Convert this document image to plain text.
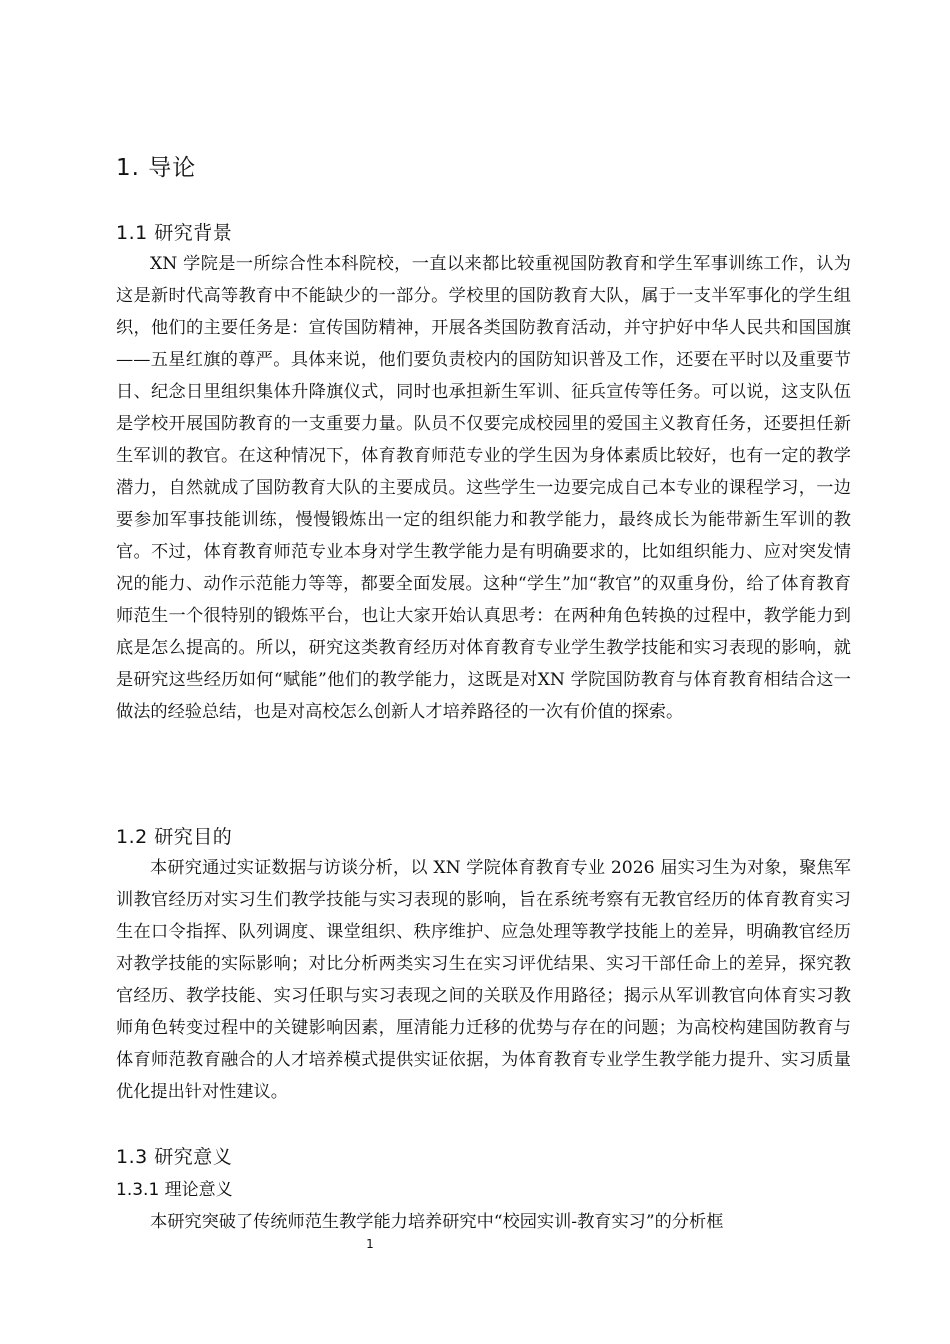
1. 导论
1.1 研究背景

XN 学院是一所综合性本科院校，一直以来都比较重视国防教育和学生军事训练工作，认为这是新时代高等教育中不能缺少的一部分。学校里的国防教育大队，属于一支半军事化的学生组织，他们的主要任务是：宣传国防精神，开展各类国防教育活动，并守护好中华人民共和国国旗——五星红旗的尊严。具体来说，他们要负责校内的国防知识普及工作，还要在平时以及重要节日、纪念日里组织集体升降旗仪式，同时也承担新生军训、征兵宣传等任务。可以说，这支队伍是学校开展国防教育的一支重要力量。队员不仅要完成校园里的爱国主义教育任务，还要担任新生军训的教官。在这种情况下，体育教育师范专业的学生因为身体素质比较好，也有一定的教学潜力，自然就成了国防教育大队的主要成员。这些学生一边要完成自己本专业的课程学习，一边要参加军事技能训练，慢慢锻炼出一定的组织能力和教学能力，最终成长为能带新生军训的教官。不过，体育教育师范专业本身对学生教学能力是有明确要求的，比如组织能力、应对突发情况的能力、动作示范能力等等，都要全面发展。这种“学生”加“教官”的双重身份，给了体育教育师范生一个很特别的锻炼平台，也让大家开始认真思考：在两种角色转换的过程中，教学能力到底是怎么提高的。所以，研究这类教育经历对体育教育专业学生教学技能和实习表现的影响，就是研究这些经历如何“赋能”他们的教学能力，这既是对XN 学院国防教育与体育教育相结合这一做法的经验总结，也是对高校怎么创新人才培养路径的一次有价值的探索。

1.2 研究目的

本研究通过实证数据与访谈分析，以 XN 学院体育教育专业 2026 届实习生为对象，聚焦军训教官经历对实习生们教学技能与实习表现的影响，旨在系统考察有无教官经历的体育教育实习生在口令指挥、队列调度、课堂组织、秩序维护、应急处理等教学技能上的差异，明确教官经历对教学技能的实际影响；对比分析两类实习生在实习评优结果、实习干部任命上的差异，探究教官经历、教学技能、实习任职与实习表现之间的关联及作用路径；揭示从军训教官向体育实习教师角色转变过程中的关键影响因素，厘清能力迁移的优势与存在的问题；为高校构建国防教育与体育师范教育融合的人才培养模式提供实证依据，为体育教育专业学生教学能力提升、实习质量优化提出针对性建议。

1.3 研究意义
1.3.1 理论意义

本研究突破了传统师范生教学能力培养研究中“校园实训-教育实习”的分析框

1
